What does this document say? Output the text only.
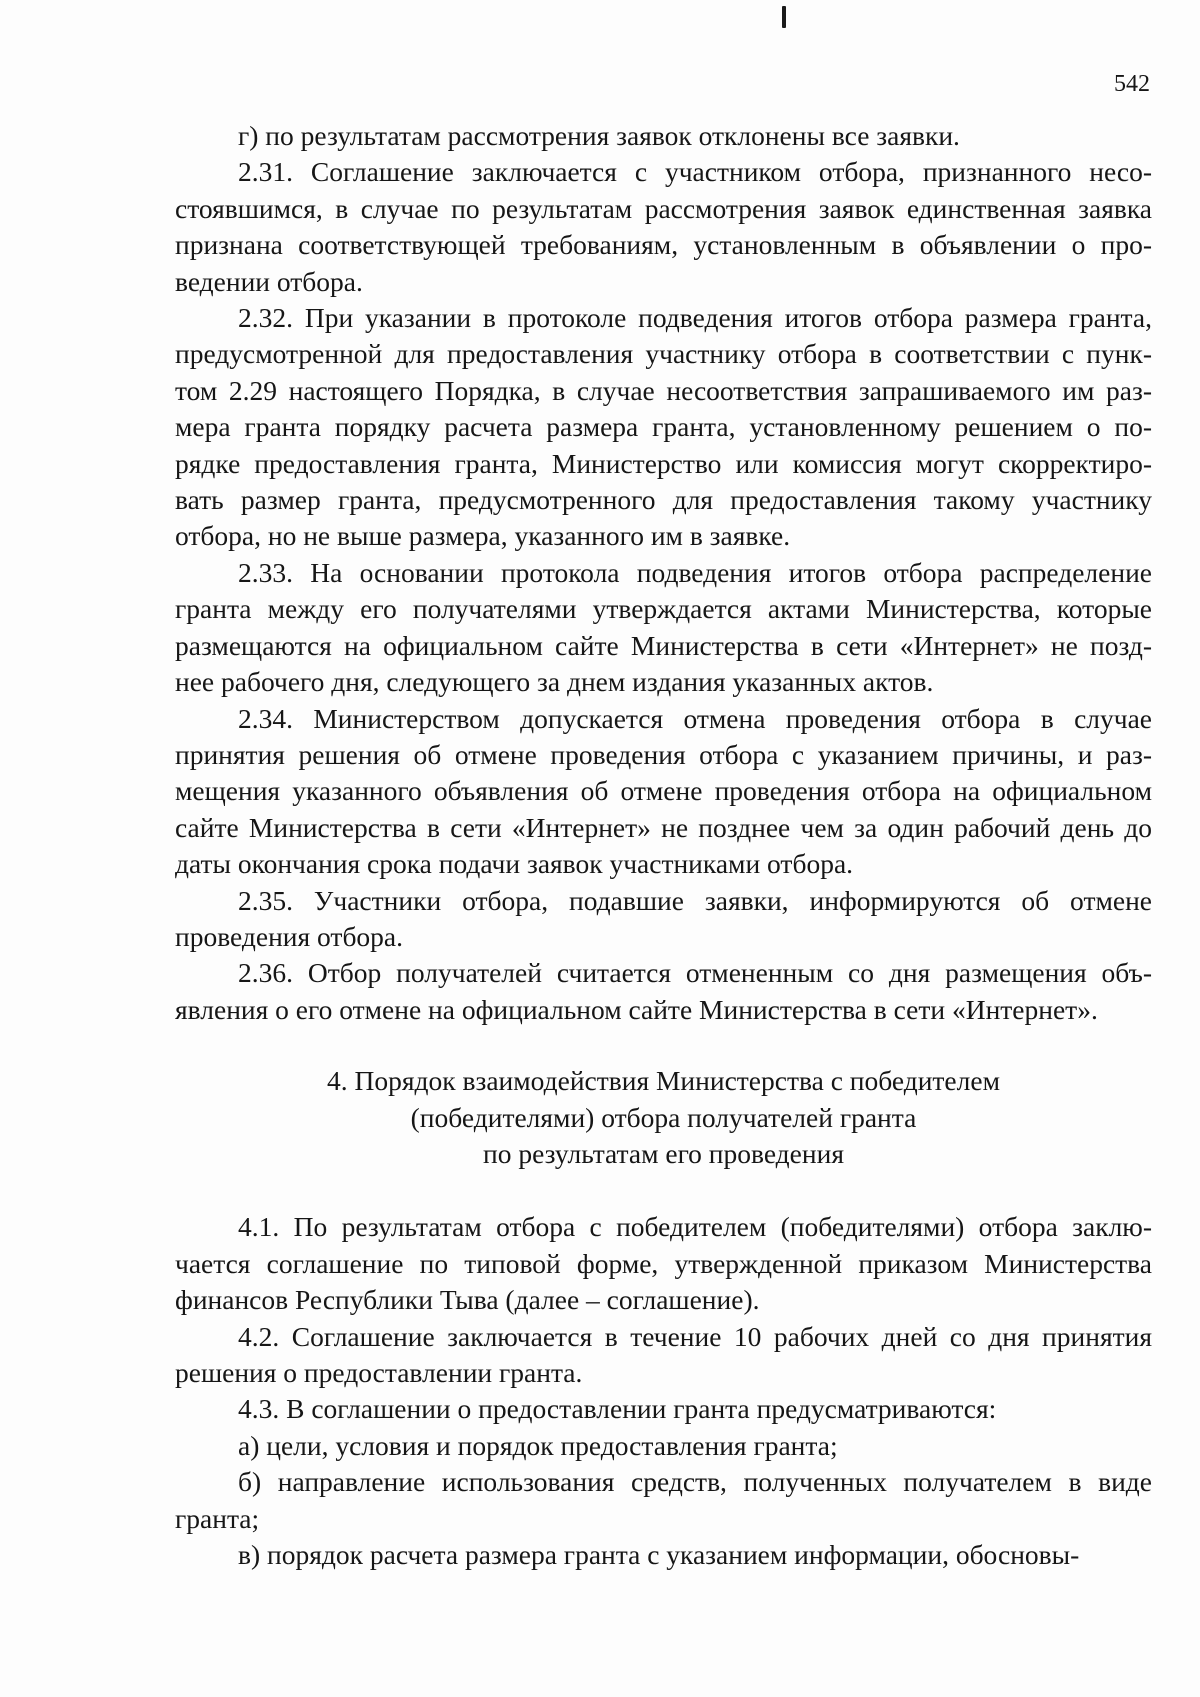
542
г) по результатам рассмотрения заявок отклонены все заявки.
2.31. Соглашение заключается с участником отбора, признанного несо-
стоявшимся, в случае по результатам рассмотрения заявок единственная заявка
признана соответствующей требованиям, установленным в объявлении о про-
ведении отбора.
2.32. При указании в протоколе подведения итогов отбора размера гранта,
предусмотренной для предоставления участнику отбора в соответствии с пунк-
том 2.29 настоящего Порядка, в случае несоответствия запрашиваемого им раз-
мера гранта порядку расчета размера гранта, установленному решением о по-
рядке предоставления гранта, Министерство или комиссия могут скорректиро-
вать размер гранта, предусмотренного для предоставления такому участнику
отбора, но не выше размера, указанного им в заявке.
2.33. На основании протокола подведения итогов отбора распределение
гранта между его получателями утверждается актами Министерства, которые
размещаются на официальном сайте Министерства в сети «Интернет» не позд-
нее рабочего дня, следующего за днем издания указанных актов.
2.34. Министерством допускается отмена проведения отбора в случае
принятия решения об отмене проведения отбора с указанием причины, и раз-
мещения указанного объявления об отмене проведения отбора на официальном
сайте Министерства в сети «Интернет» не позднее чем за один рабочий день до
даты окончания срока подачи заявок участниками отбора.
2.35. Участники отбора, подавшие заявки, информируются об отмене
проведения отбора.
2.36. Отбор получателей считается отмененным со дня размещения объ-
явления о его отмене на официальном сайте Министерства в сети «Интернет».
4. Порядок взаимодействия Министерства с победителем
(победителями) отбора получателей гранта
по результатам его проведения
4.1. По результатам отбора с победителем (победителями) отбора заклю-
чается соглашение по типовой форме, утвержденной приказом Министерства
финансов Республики Тыва (далее – соглашение).
4.2. Соглашение заключается в течение 10 рабочих дней со дня принятия
решения о предоставлении гранта.
4.3. В соглашении о предоставлении гранта предусматриваются:
а) цели, условия и порядок предоставления гранта;
б) направление использования средств, полученных получателем в виде
гранта;
в) порядок расчета размера гранта с указанием информации, обосновы-
